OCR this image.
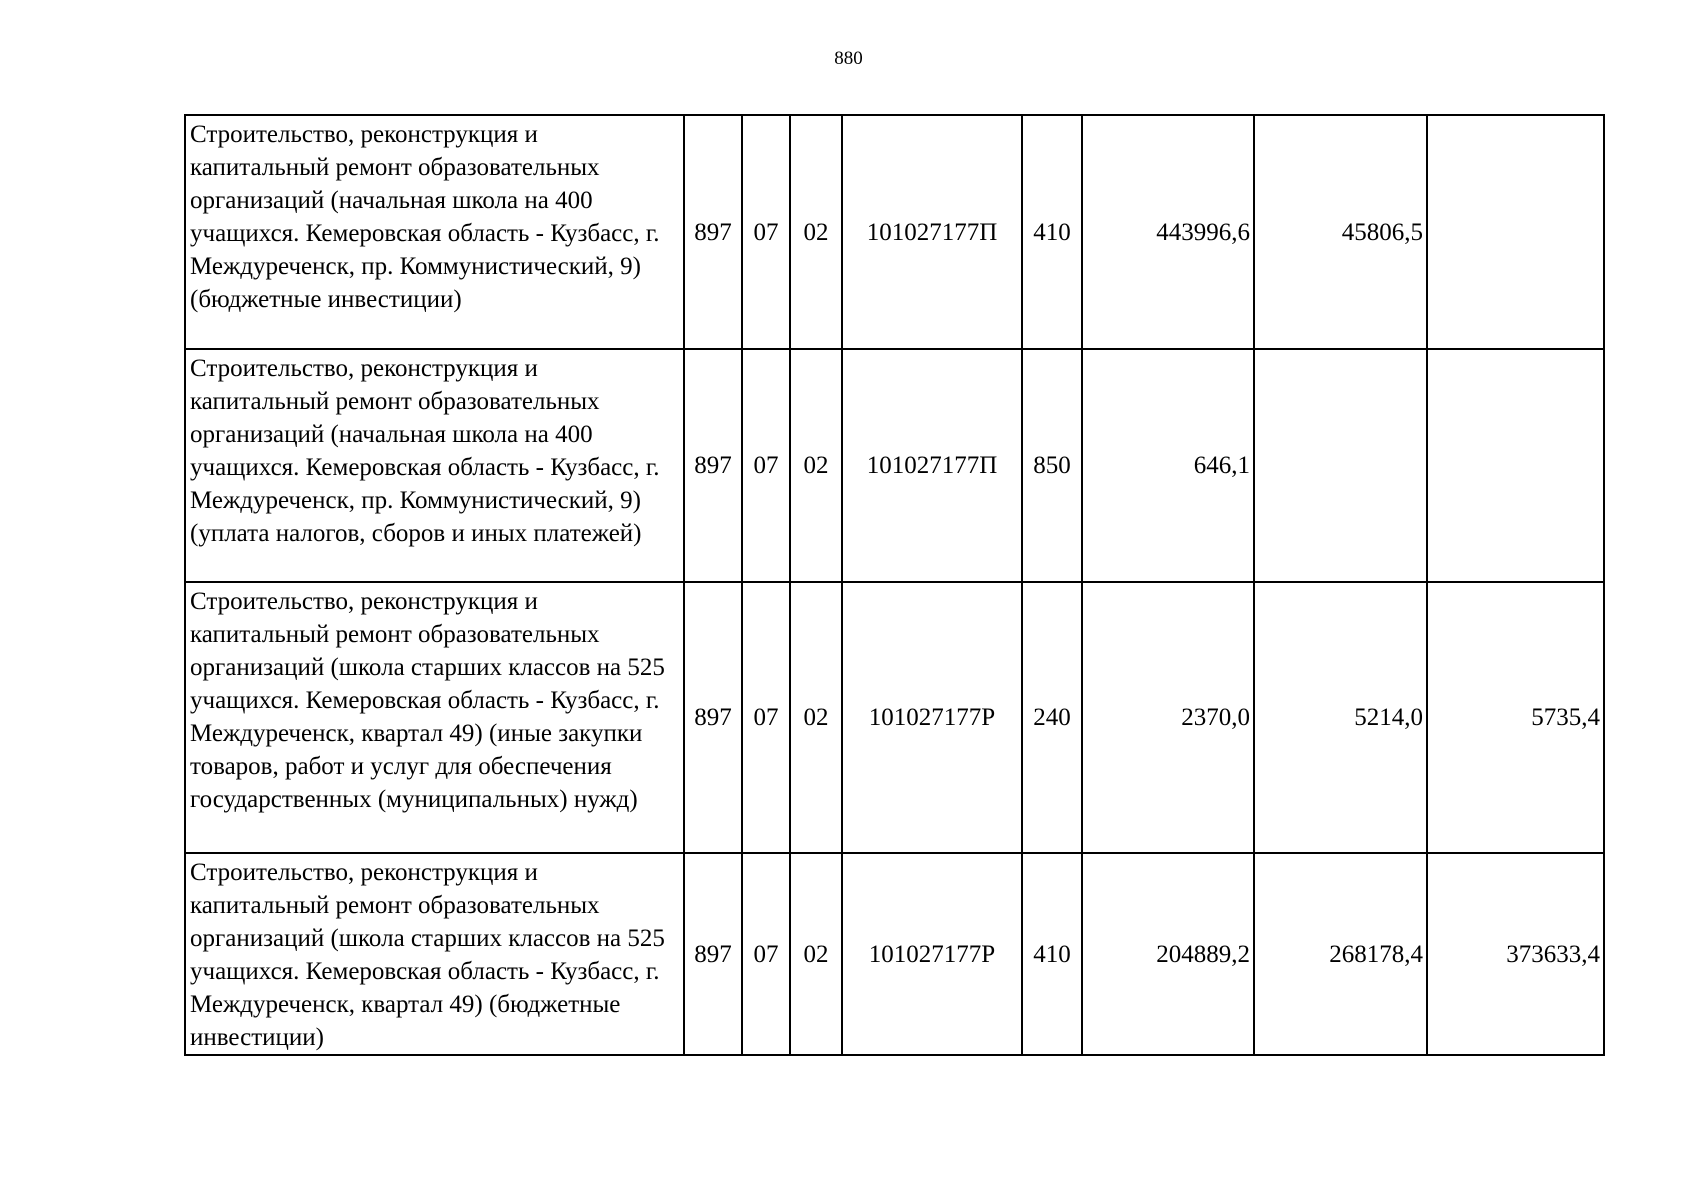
880
Строительство, реконструкция и капитальный ремонт образовательных организаций (начальная школа на 400 учащихся. Кемеровская область - Кузбасс, г. Междуреченск, пр. Коммунистический, 9) (бюджетные инвестиции)	897	07	02	101027177П	410	443996,6	45806,5	
Строительство, реконструкция и капитальный ремонт образовательных организаций (начальная школа на 400 учащихся. Кемеровская область - Кузбасс, г. Междуреченск, пр. Коммунистический, 9) (уплата налогов, сборов и иных платежей)	897	07	02	101027177П	850	646,1		
Строительство, реконструкция и капитальный ремонт образовательных организаций (школа старших классов на 525 учащихся. Кемеровская область - Кузбасс, г. Междуреченск, квартал 49) (иные закупки товаров, работ и услуг для обеспечения государственных (муниципальных) нужд)	897	07	02	101027177Р	240	2370,0	5214,0	5735,4
Строительство, реконструкция и капитальный ремонт образовательных организаций (школа старших классов на 525 учащихся. Кемеровская область - Кузбасс, г. Междуреченск, квартал 49) (бюджетные инвестиции)	897	07	02	101027177Р	410	204889,2	268178,4	373633,4
